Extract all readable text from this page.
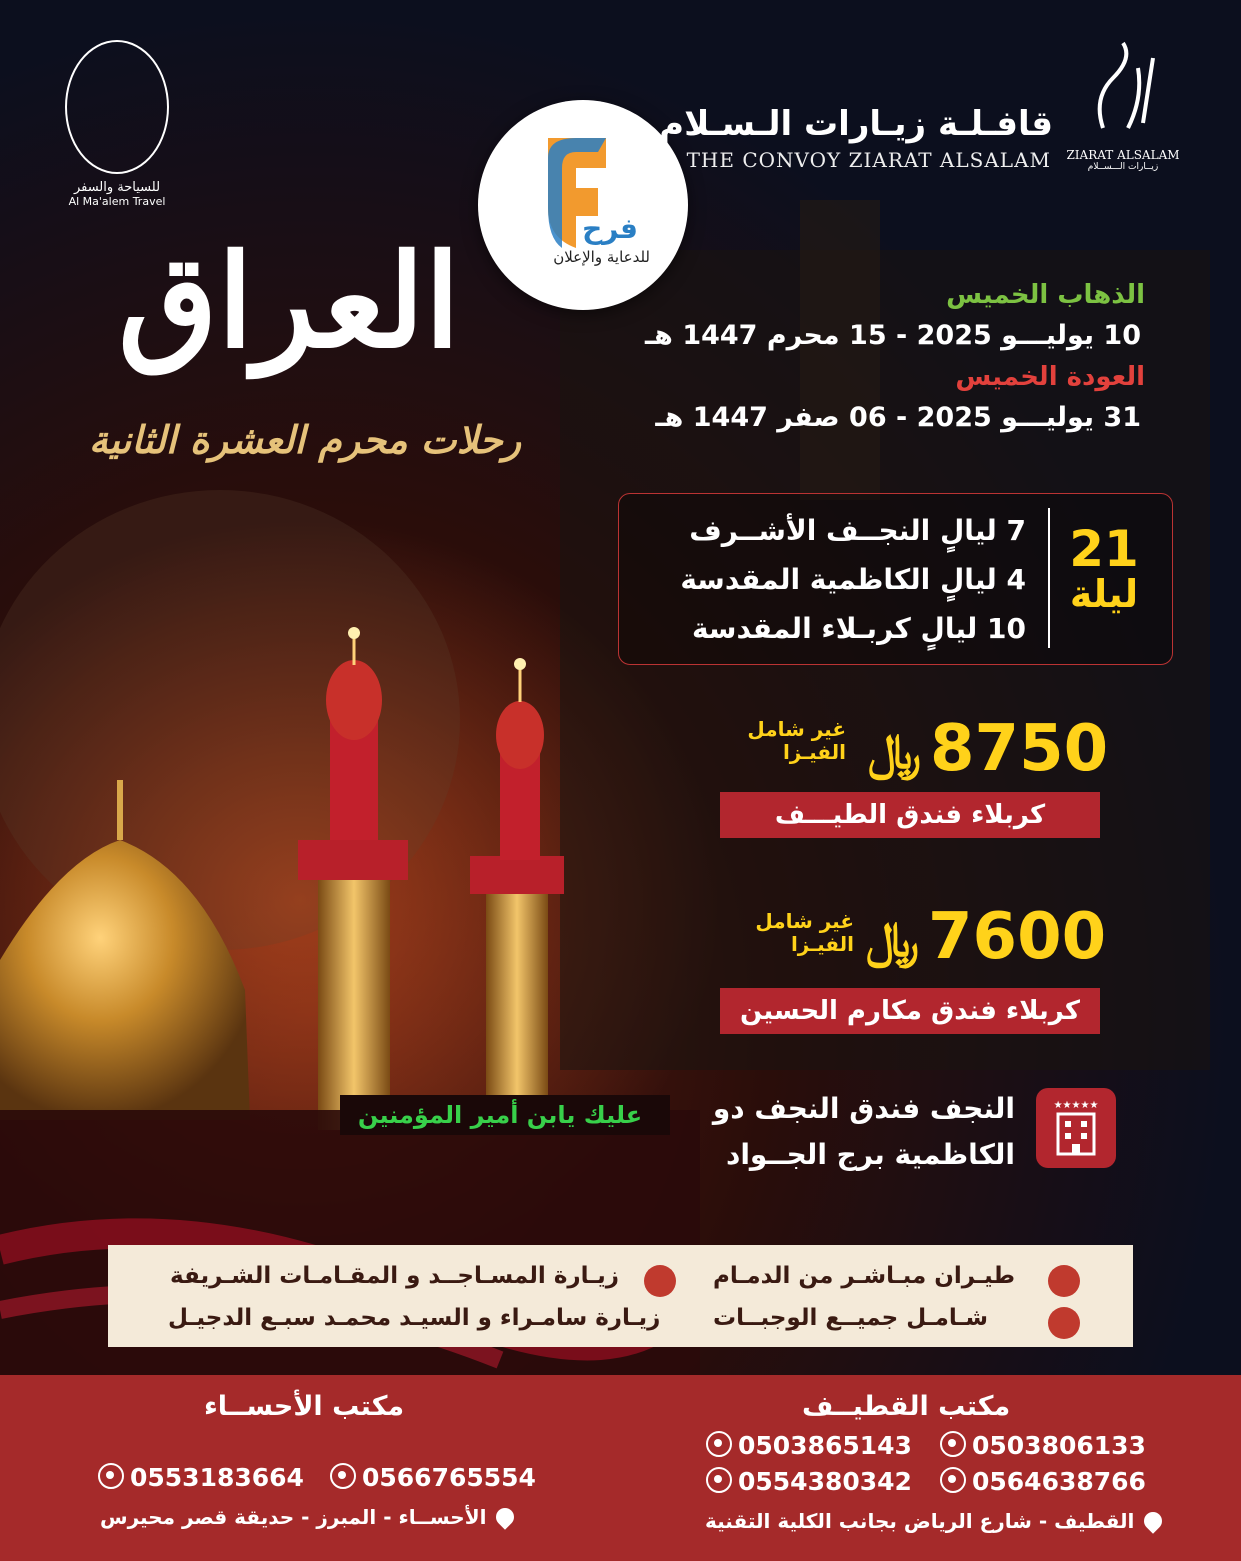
عليك يابن أمير المؤمنين
للسياحة والسفر
Al Ma'alem Travel
فرح
للدعاية والإعلان
قافـلـة زيـارات الـسـلام
THE CONVOY ZIARAT ALSALAM ZIARAT ALSALAM
زيــارات الـــســلام
العراق
رحلات محرم العشرة الثانية
الذهاب الخميس
10 يوليـــو 2025 - 15 محرم 1447 هـ
العودة الخميس
31 يوليـــو 2025 - 06 صفر 1447 هـ
21
ليلة
7 ليالٍ النجــف الأشــرف
4 ليالٍ الكاظمية المقدسة
10 ليالٍ كربـلاء المقدسة
8750
﷼
غير شامل
الفيـزا
كربلاء فندق الطيـــف
7600
﷼
غير شامل
الفيـزا
كربلاء فندق مكارم الحسين
★★★★★
النجف فندق النجف دو
الكاظمية برج الجــواد
طيـران مبـاشـر من الدمـام
شـامـل جميــع الوجبــات
زيـارة المسـاجــد و المقـامـات الشـريفة
زيـارة سامـراء و السيـد محمـد سبـع الدجيـل
مكتب القطيــف
0503806133
0503865143
0564638766
0554380342
القطيف - شارع الرياض بجانب الكلية التقنية
مكتب الأحســاء
0566765554
0553183664
الأحســاء - المبرز - حديقة قصر محيرس
